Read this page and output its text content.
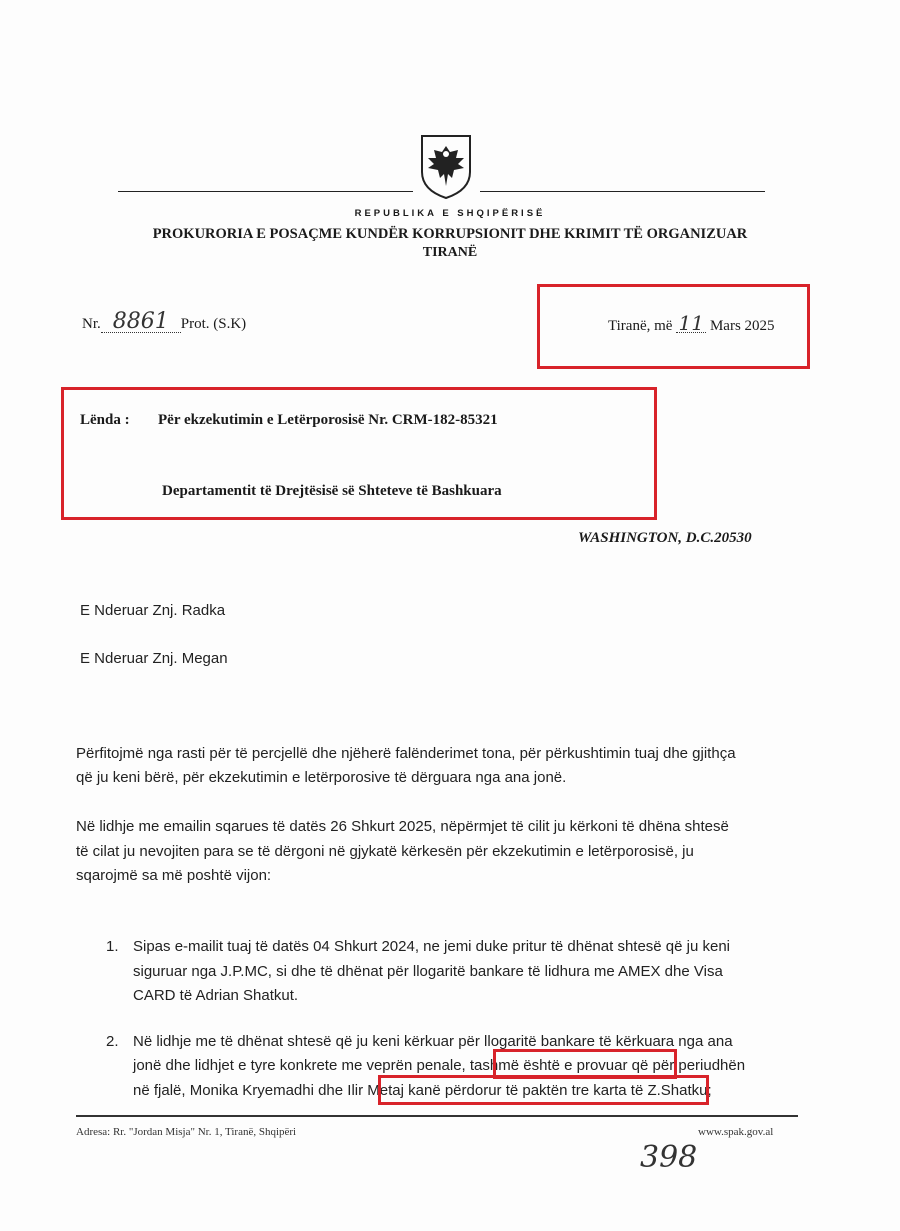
REPUBLIKA E SHQIPËRISË
PROKURORIA E POSAÇME KUNDËR KORRUPSIONIT DHE KRIMIT TË ORGANIZUAR
TIRANË
Nr. 8861 Prot. (S.K)	Tiranë, më 11 Mars 2025
Lënda : Për ekzekutimin e Letërporosisë Nr. CRM-182-85321
Departamentit të Drejtësisë së Shteteve të Bashkuara
WASHINGTON, D.C.20530
E Nderuar Znj. Radka
E Nderuar Znj. Megan
Përfitojmë nga rasti për të percjellë dhe njëherë falënderimet tona, për përkushtimin tuaj dhe gjithça
që ju keni bërë, për ekzekutimin e letërporosive të dërguara nga ana jonë.
Në lidhje me emailin sqarues të datës 26 Shkurt 2025, nëpërmjet të cilit ju kërkoni të dhëna shtesë
të cilat ju nevojiten para se të dërgoni në gjykatë kërkesën për ekzekutimin e letërporosisë, ju
sqarojmë sa më poshtë vijon:
1. Sipas e-mailit tuaj të datës 04 Shkurt 2024, ne jemi duke pritur të dhënat shtesë që ju keni
siguruar nga J.P.MC, si dhe të dhënat për llogaritë bankare të lidhura me AMEX dhe Visa
CARD të Adrian Shatkut.
2. Në lidhje me të dhënat shtesë që ju keni kërkuar për llogaritë bankare të kërkuara nga ana
jonë dhe lidhjet e tyre konkrete me veprën penale, tashmë është e provuar që për periudhën
në fjalë, Monika Kryemadhi dhe Ilir Metaj kanë përdorur të paktën tre karta të Z.Shatku;
Adresa: Rr. "Jordan Misja" Nr. 1, Tiranë, Shqipëri	www.spak.gov.al
398
